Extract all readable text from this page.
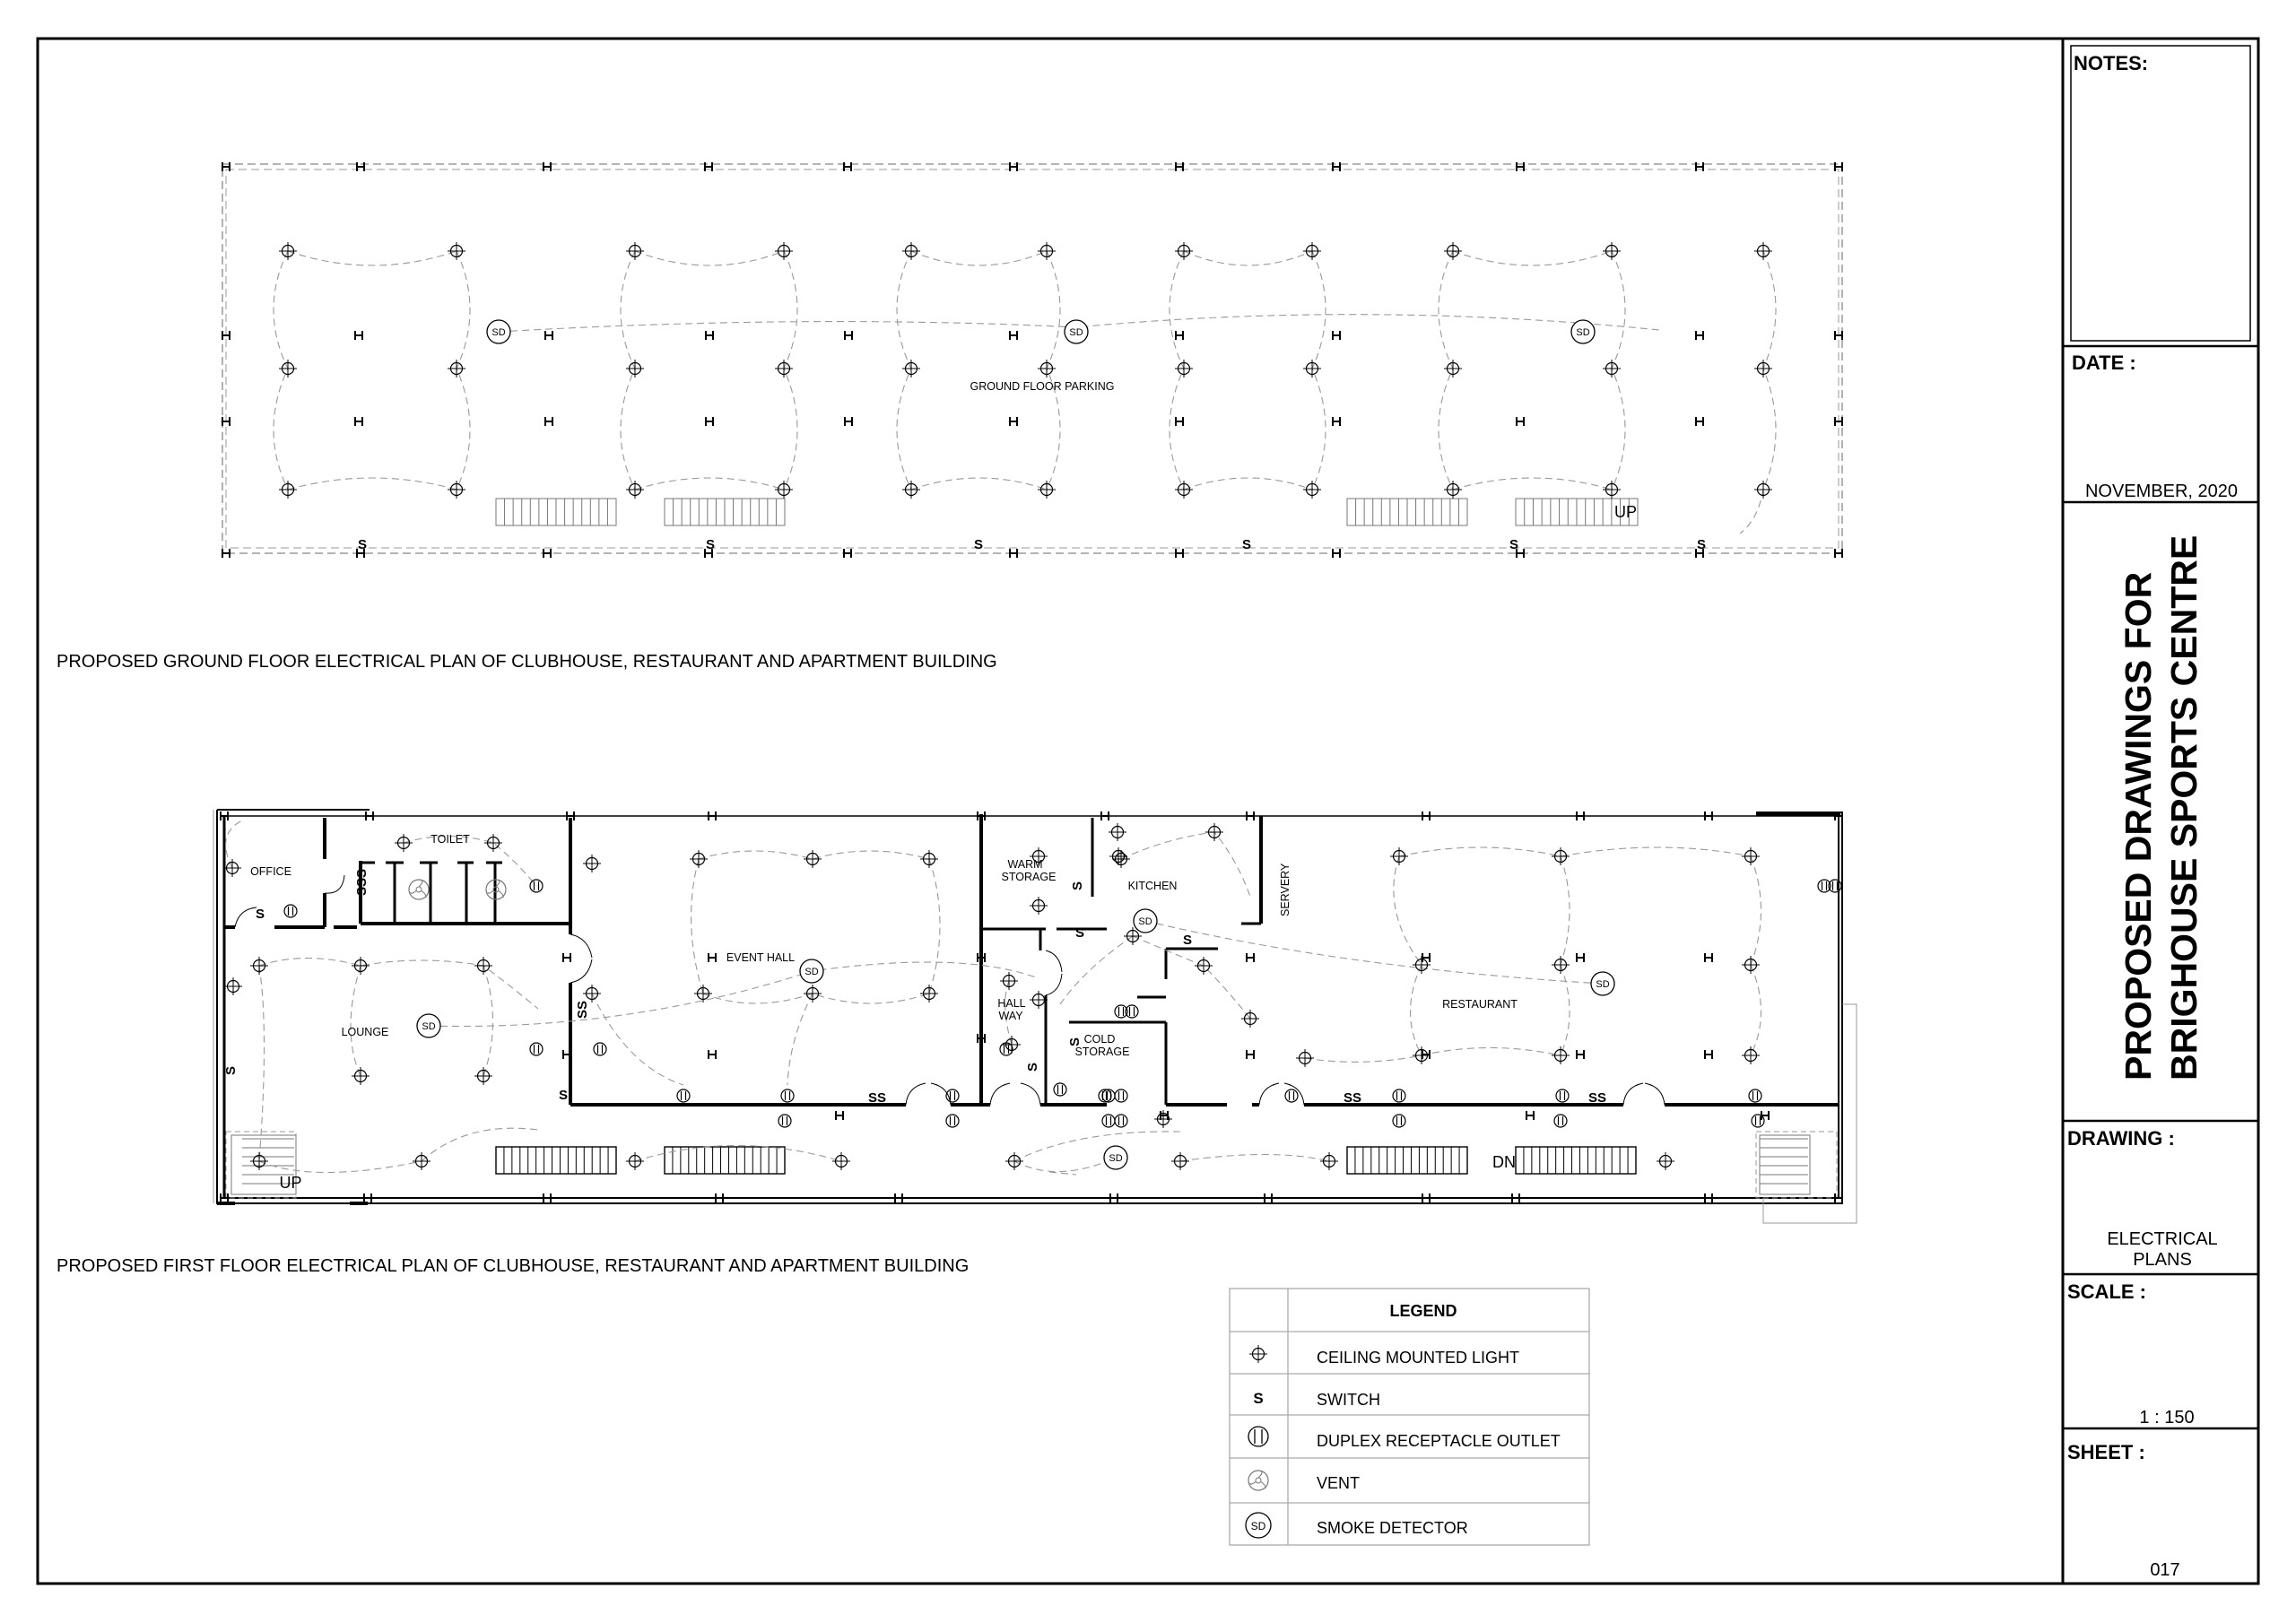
NOTES:
DATE :
NOVEMBER, 2020
PROPOSED DRAWINGS FOR BRIGHOUSE SPORTS CENTRE
DRAWING :
ELECTRICAL
PLANS
SCALE :
1 : 150
SHEET :
017
SD	SD	SD
S	S	S	S	S	S
GROUND FLOOR PARKING
UP
PROPOSED GROUND FLOOR ELECTRICAL PLAN OF CLUBHOUSE, RESTAURANT AND APARTMENT BUILDING
SD
SD
SD
SD
SD
S
S
S	S
S
S
S
S
SSS
SS
SS	SS	SS
OFFICE
TOILET
LOUNGE
EVENT HALL
WARM
STORAGE
KITCHEN	SERVERY
HALL
WAY
COLD
STORAGE
RESTAURANT
UP
DN
PROPOSED FIRST FLOOR ELECTRICAL PLAN OF CLUBHOUSE, RESTAURANT AND APARTMENT BUILDING
LEGEND
CEILING MOUNTED LIGHT
S	SWITCH
DUPLEX RECEPTACLE OUTLET
VENT
SD	SMOKE DETECTOR
